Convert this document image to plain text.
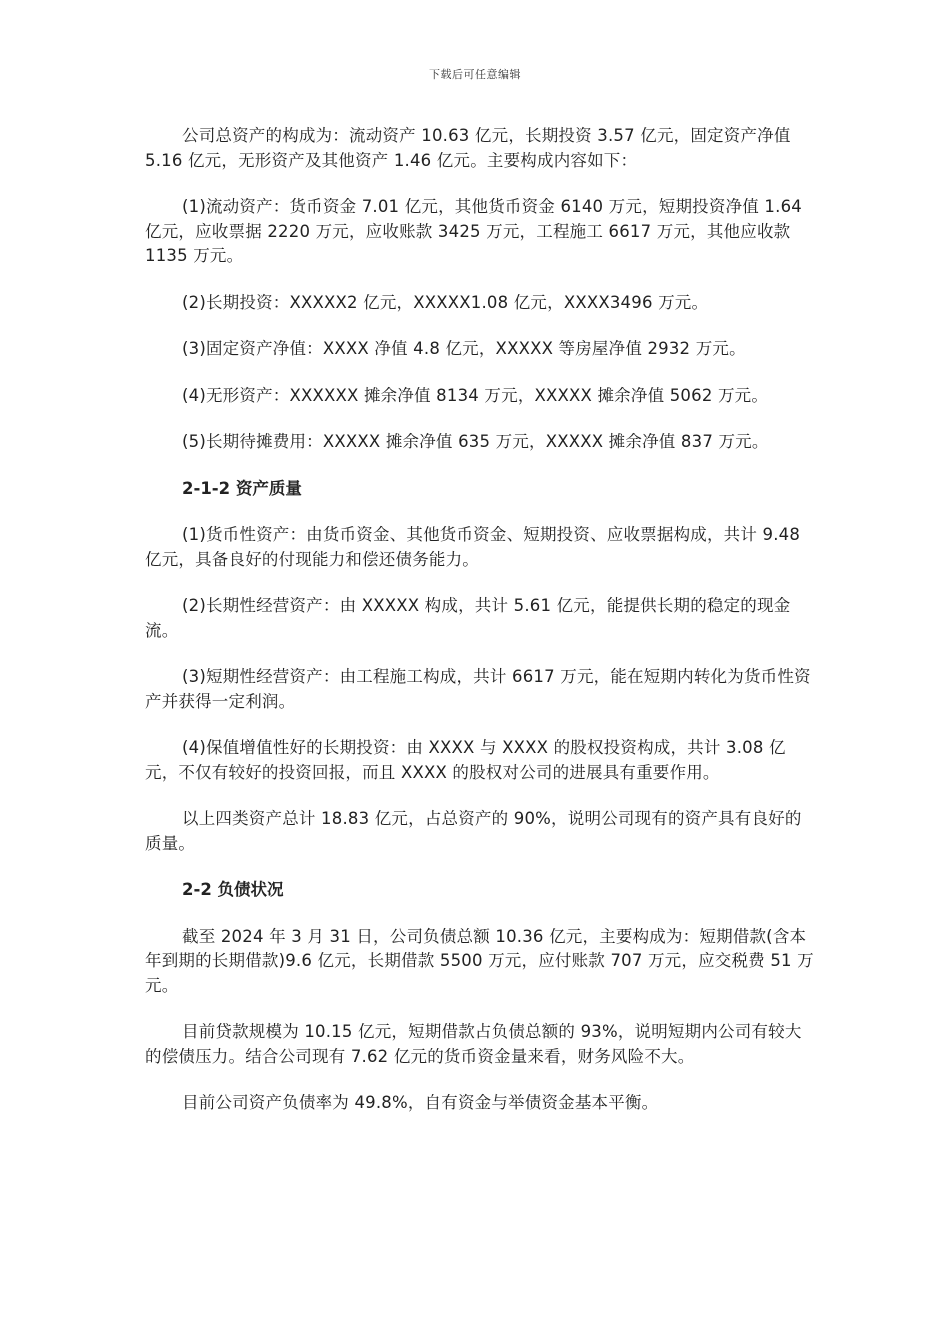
下载后可任意编辑

公司总资产的构成为：流动资产 10.63 亿元，长期投资 3.57 亿元，固定资产净值 5.16 亿元，无形资产及其他资产 1.46 亿元。主要构成内容如下：

(1)流动资产：货币资金 7.01 亿元，其他货币资金 6140 万元，短期投资净值 1.64 亿元，应收票据 2220 万元，应收账款 3425 万元，工程施工 6617 万元，其他应收款 1135 万元。

(2)长期投资：XXXXX2 亿元，XXXXX1.08 亿元，XXXX3496 万元。

(3)固定资产净值：XXXX 净值 4.8 亿元，XXXXX 等房屋净值 2932 万元。

(4)无形资产：XXXXXX 摊余净值 8134 万元，XXXXX 摊余净值 5062 万元。

(5)长期待摊费用：XXXXX 摊余净值 635 万元，XXXXX 摊余净值 837 万元。

2-1-2 资产质量

(1)货币性资产：由货币资金、其他货币资金、短期投资、应收票据构成，共计 9.48 亿元，具备良好的付现能力和偿还债务能力。

(2)长期性经营资产：由 XXXXX 构成，共计 5.61 亿元，能提供长期的稳定的现金流。

(3)短期性经营资产：由工程施工构成，共计 6617 万元，能在短期内转化为货币性资产并获得一定利润。

(4)保值增值性好的长期投资：由 XXXX 与 XXXX 的股权投资构成，共计 3.08 亿元，不仅有较好的投资回报，而且 XXXX 的股权对公司的进展具有重要作用。

以上四类资产总计 18.83 亿元，占总资产的 90%，说明公司现有的资产具有良好的质量。

2-2 负债状况

截至 2024 年 3 月 31 日，公司负债总额 10.36 亿元，主要构成为：短期借款(含本年到期的长期借款)9.6 亿元，长期借款 5500 万元，应付账款 707 万元，应交税费 51 万元。

目前贷款规模为 10.15 亿元，短期借款占负债总额的 93%，说明短期内公司有较大的偿债压力。结合公司现有 7.62 亿元的货币资金量来看，财务风险不大。

目前公司资产负债率为 49.8%，自有资金与举债资金基本平衡。
